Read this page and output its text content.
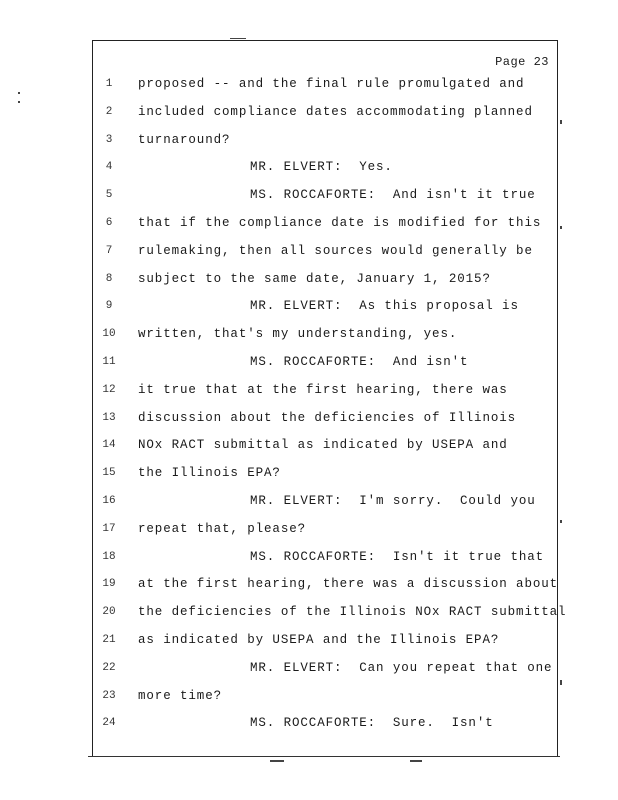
Page 23
1	proposed -- and the final rule promulgated and
2	included compliance dates accommodating planned
3	turnaround?
4	MR. ELVERT:  Yes.
5	MS. ROCCAFORTE:  And isn't it true
6	that if the compliance date is modified for this
7	rulemaking, then all sources would generally be
8	subject to the same date, January 1, 2015?
9	MR. ELVERT:  As this proposal is
10	written, that's my understanding, yes.
11	MS. ROCCAFORTE:  And isn't
12	it true that at the first hearing, there was
13	discussion about the deficiencies of Illinois
14	NOx RACT submittal as indicated by USEPA and
15	the Illinois EPA?
16	MR. ELVERT:  I'm sorry.  Could you
17	repeat that, please?
18	MS. ROCCAFORTE:  Isn't it true that
19	at the first hearing, there was a discussion about
20	the deficiencies of the Illinois NOx RACT submittal
21	as indicated by USEPA and the Illinois EPA?
22	MR. ELVERT:  Can you repeat that one
23	more time?
24	MS. ROCCAFORTE:  Sure.  Isn't
